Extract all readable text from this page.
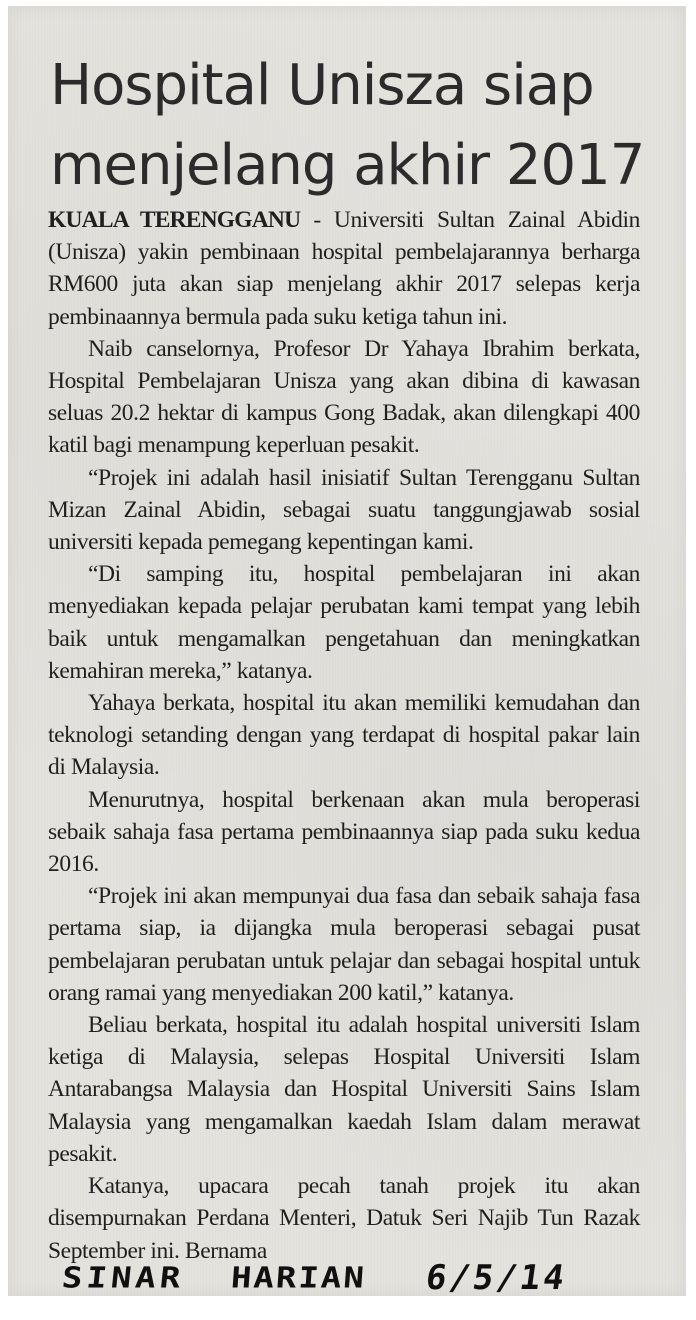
Hospital Unisza siap
menjelang akhir 2017

KUALA TERENGGANU - Universiti Sultan Zainal Abidin (Unisza) yakin pembinaan hospital pembelajarannya berharga RM600 juta akan siap menjelang akhir 2017 selepas kerja pembinaannya bermula pada suku ketiga tahun ini.

Naib canselornya, Profesor Dr Yahaya Ibrahim berkata, Hospital Pembelajaran Unisza yang akan dibina di kawasan seluas 20.2 hektar di kampus Gong Badak, akan dilengkapi 400 katil bagi menampung keperluan pesakit.

“Projek ini adalah hasil inisiatif Sultan Terengganu Sultan Mizan Zainal Abidin, sebagai suatu tanggungjawab sosial universiti kepada pemegang kepentingan kami.

“Di samping itu, hospital pembelajaran ini akan menyediakan kepada pelajar perubatan kami tempat yang lebih baik untuk mengamalkan pengetahuan dan meningkatkan kemahiran mereka,” katanya.

Yahaya berkata, hospital itu akan memiliki kemudahan dan teknologi setanding dengan yang terdapat di hospital pakar lain di Malaysia.

Menurutnya, hospital berkenaan akan mula beroperasi sebaik sahaja fasa pertama pembinaannya siap pada suku kedua 2016.

“Projek ini akan mempunyai dua fasa dan sebaik sahaja fasa pertama siap, ia dijangka mula beroperasi sebagai pusat pembelajaran perubatan untuk pelajar dan sebagai hospital untuk orang ramai yang menyediakan 200 katil,” katanya.

Beliau berkata, hospital itu adalah hospital universiti Islam ketiga di Malaysia, selepas Hospital Universiti Islam Antarabangsa Malaysia dan Hospital Universiti Sains Islam Malaysia yang mengamalkan kaedah Islam dalam merawat pesakit.

Katanya, upacara pecah tanah projek itu akan disempurnakan Perdana Menteri, Datuk Seri Najib Tun Razak September ini. Bernama

SINAR HARIAN 6/5/14
